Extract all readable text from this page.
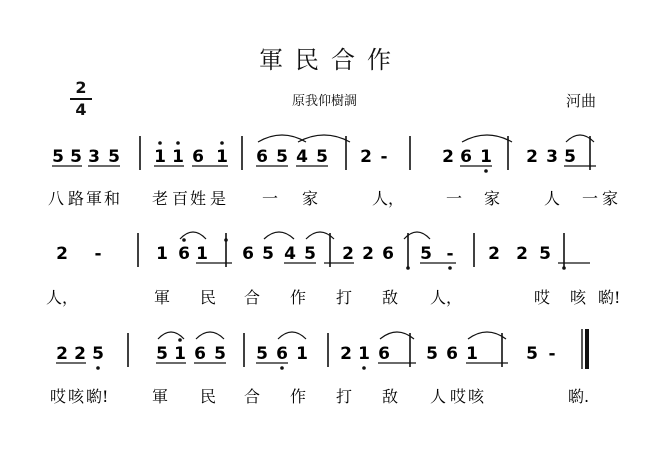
軍民合作
原我仰樹調	河曲
2
4
5 5 3 5 1 1 6 1 6 5 4 5 2 -	2 6 1 2 3 5
八 路 軍 和 老 百 姓 是 一 家	人，	一 家	人 一 家
2 -	1 6 1 6 5 4 5 2 2 6 5 - 2 2 5
人，	軍 民 合 作 打 敌 人，	哎 咳 喲!
2 2 5	5 1 6 5 5 6 1 2 1 6 5 6 1	5 -
哎 咳 喲!	軍 民 合 作 打 敌 人 哎 咳	喲.
